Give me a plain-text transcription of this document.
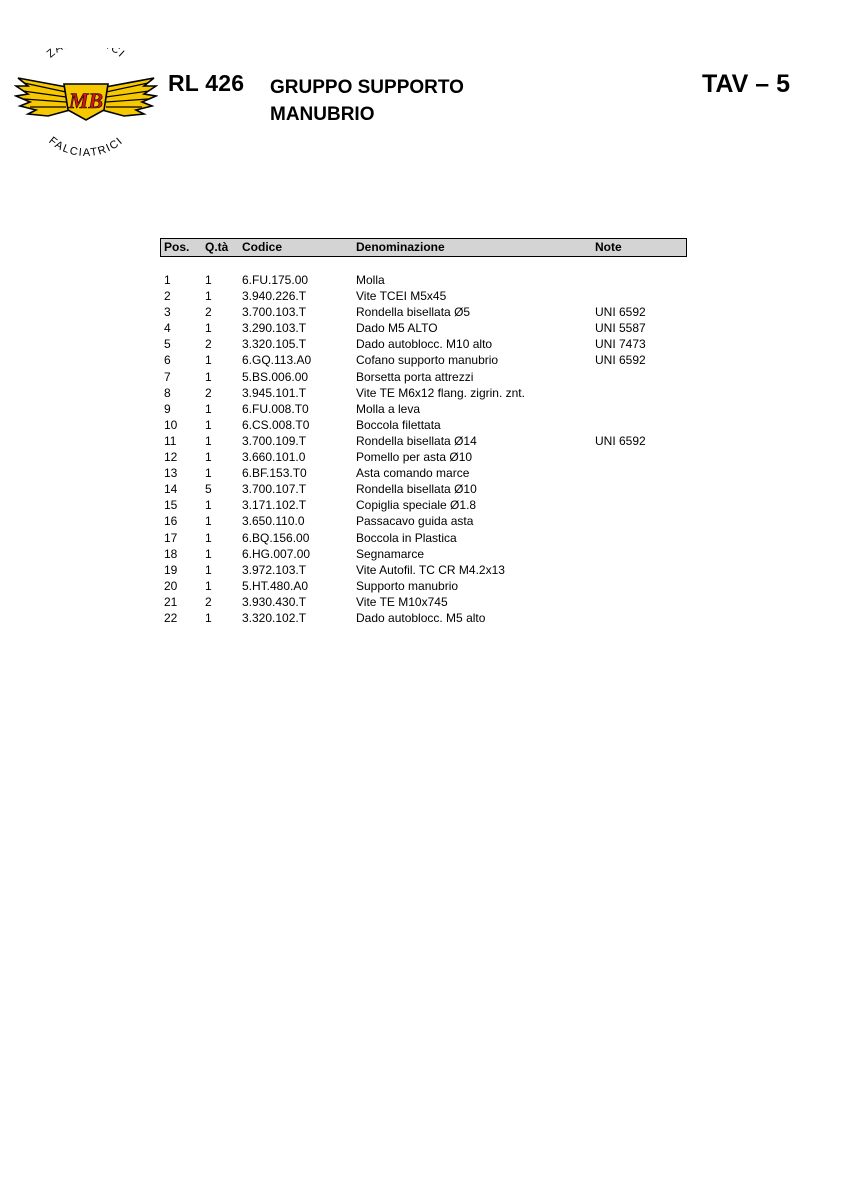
MB
ZA CI
FALCIATRICI
RL 426 GRUPPO SUPPORTO
MANUBRIO
TAV – 5
Pos. Q.tà Codice	Denominazione	Note
1	1	6.FU.175.00	Molla
2	1	3.940.226.T	Vite TCEI M5x45
3	2	3.700.103.T	Rondella bisellata Ø5	UNI 6592
4	1	3.290.103.T	Dado M5 ALTO	UNI 5587
5	2	3.320.105.T	Dado autoblocc. M10 alto	UNI 7473
6	1	6.GQ.113.A0	Cofano supporto manubrio	UNI 6592
7	1	5.BS.006.00	Borsetta porta attrezzi
8	2	3.945.101.T	Vite TE M6x12 flang. zigrin. znt.
9	1	6.FU.008.T0	Molla a leva
10 1	6.CS.008.T0	Boccola filettata
11 1	3.700.109.T	Rondella bisellata Ø14	UNI 6592
12 1	3.660.101.0	Pomello per asta Ø10
13 1	6.BF.153.T0	Asta comando marce
14 5	3.700.107.T	Rondella bisellata Ø10
15 1	3.171.102.T	Copiglia speciale Ø1.8
16 1	3.650.110.0	Passacavo guida asta
17 1	6.BQ.156.00	Boccola in Plastica
18 1	6.HG.007.00	Segnamarce
19 1	3.972.103.T	Vite Autofil. TC CR M4.2x13
20 1	5.HT.480.A0	Supporto manubrio
21 2	3.930.430.T	Vite TE M10x745
22 1	3.320.102.T	Dado autoblocc. M5 alto
